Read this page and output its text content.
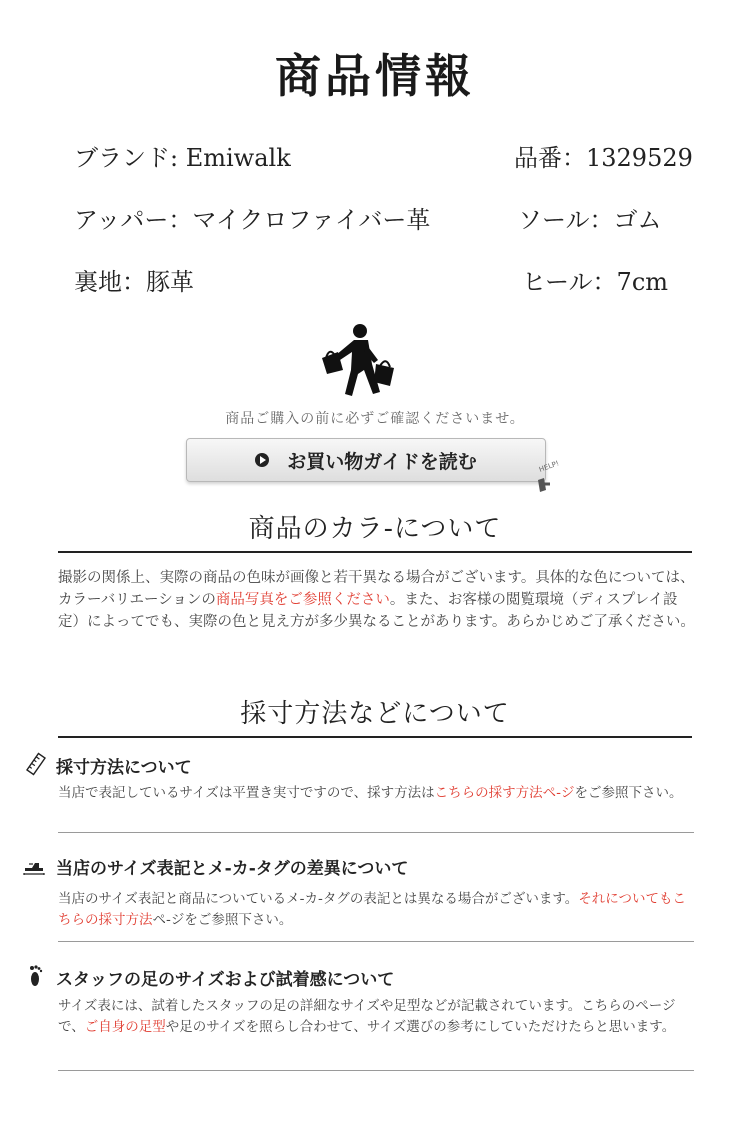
商品情報
ブランド: Emiwalk	品番：1329529
アッパー：マイクロファイバー革	ソール：ゴム
裏地：豚革	ヒール：7cm
商品ご購入の前に必ずご確認くださいませ。
お買い物ガイドを読む	HELP!
商品のカラ-について
撮影の関係上、実際の商品の色味が画像と若干異なる場合がございます。具体的な色については、カラーバリエーションの商品写真をご参照ください。また、お客様の閲覧環境（ディスプレイ設定）によってでも、実際の色と見え方が多少異なることがあります。あらかじめご了承ください。
採寸方法などについて
採寸方法について
当店で表記しているサイズは平置き実寸ですので、採す方法はこちらの採す方法ペ-ジをご参照下さい。
当店のサイズ表記とメ-カ-タグの差異について
当店のサイズ表記と商品についているメ-カ-タグの表記とは異なる場合がございます。それについてもこちらの採寸方法ペ-ジをご参照下さい。
スタッフの足のサイズおよび試着感について
サイズ表には、試着したスタッフの足の詳細なサイズや足型などが記載されています。こちらのページで、ご自身の足型や足のサイズを照らし合わせて、サイズ選びの参考にしていただけたらと思います。
